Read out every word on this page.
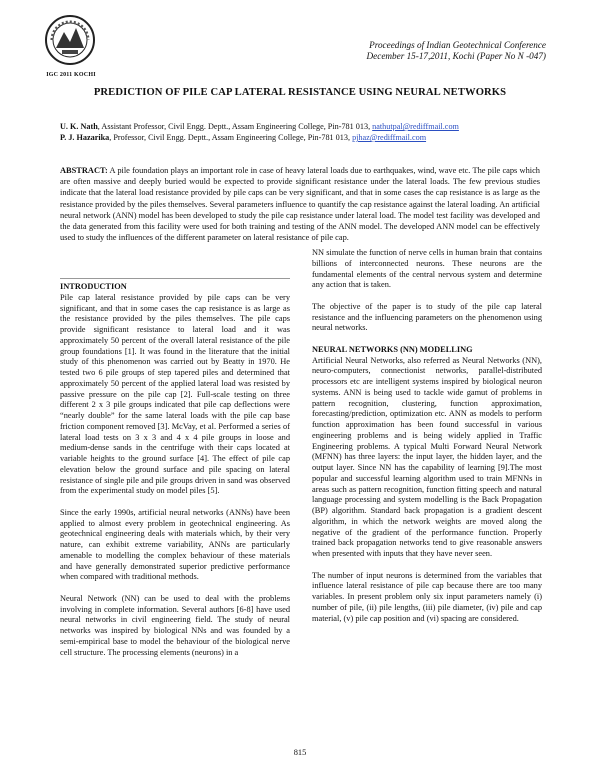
IGC 2011 KOCHI
Proceedings of Indian Geotechnical Conference
December 15-17,2011, Kochi (Paper No N -047)
PREDICTION OF PILE CAP LATERAL RESISTANCE USING NEURAL NETWORKS
U. K. Nath, Assistant Professor, Civil Engg. Deptt., Assam Engineering College, Pin-781 013, nathutpal@rediffmail.com
P. J. Hazarika, Professor, Civil Engg. Deptt., Assam Engineering College, Pin-781 013, pjhaz@rediffmail.com
ABSTRACT: A pile foundation plays an important role in case of heavy lateral loads due to earthquakes, wind, wave etc. The pile caps which are often massive and deeply buried would be expected to provide significant resistance under the lateral loads. The few previous studies indicate that the lateral load resistance provided by pile caps can be very significant, and that in some cases the cap resistance is as large as the resistance provided by the piles themselves. Several parameters influence to quantify the cap resistance against the lateral loading. An artificial neural network (ANN) model has been developed to study the pile cap resistance under lateral load. The model test facility was developed and the data generated from this facility were used for both training and testing of the ANN model. The developed ANN model can be effectively used to study the influences of the different parameter on lateral resistance of pile cap.
INTRODUCTION

Pile cap lateral resistance provided by pile caps can be very significant, and that in some cases the cap resistance is as large as the resistance provided by the piles themselves. The pile caps provide significant resistance to lateral load and it was approximately 50 percent of the overall lateral resistance of the pile group foundations [1]. It was found in the literature that the initial study of this phenomenon was carried out by Beatty in 1970. He tested two 6 pile groups of step tapered piles and determined that approximately 50 percent of the applied lateral load was resisted by passive pressure on the pile cap [2]. Full-scale testing on three different 2 x 3 pile groups indicated that pile cap deflections were “nearly double” for the same lateral loads with the pile cap base friction component removed [3]. McVay, et al. Performed a series of lateral load tests on 3 x 3 and 4 x 4 pile groups in loose and medium-dense sands in the centrifuge with their caps located at variable heights to the ground surface [4]. The effect of pile cap elevation below the ground surface and pile spacing on lateral resistance of single pile and pile groups driven in sand was observed from the experimental study on model piles [5].

Since the early 1990s, artificial neural networks (ANNs) have been applied to almost every problem in geotechnical engineering. As geotechnical engineering deals with materials which, by their very nature, can exhibit extreme variability, ANNs are particularly amenable to modelling the complex behaviour of these materials and have generally demonstrated superior predictive performance when compared with traditional methods.

Neural Network (NN) can be used to deal with the problems involving in complete information. Several authors [6-8] have used neural networks in civil engineering field. The study of neural networks was inspired by biological NNs and was founded by a semi-empirical base to model the behaviour of the biological nerve cell structure. The processing elements (neurons) in a

NN simulate the function of nerve cells in human brain that contains billions of interconnected neurons. These neurons are the fundamental elements of the central nervous system and determine any action that is taken.

The objective of the paper is to study of the pile cap lateral resistance and the influencing parameters on the phenomenon using neural networks.

NEURAL NETWORKS (NN) MODELLING

Artificial Neural Networks, also referred as Neural Networks (NN), neuro-computers, connectionist networks, parallel-distributed processors etc are intelligent systems inspired by biological neuron systems. ANN is being used to tackle wide gamut of problems in pattern recognition, clustering, function approximation, forecasting/prediction, optimization etc. ANN as models to perform function approximation has been found successful in various engineering problems and is being widely applied in Traffic Engineering problems. A typical Multi Forward Neural Network (MFNN) has three layers: the input layer, the hidden layer, and the output layer. Since NN has the capability of learning [9].The most popular and successful learning algorithm used to train MFNNs in areas such as pattern recognition, function fitting speech and natural language processing and system modelling is the Back Propagation (BP) algorithm. Standard back propagation is a gradient descent algorithm, in which the network weights are moved along the negative of the gradient of the performance function. Properly trained back propagation networks tend to give reasonable answers when presented with inputs that they have never seen.

The number of input neurons is determined from the variables that influence lateral resistance of pile cap because there are too many variables. In present problem only six input parameters namely (i) number of pile, (ii) pile lengths, (iii) pile diameter, (iv) pile and cap material, (v) pile cap position and (vi) spacing are considered.

815
